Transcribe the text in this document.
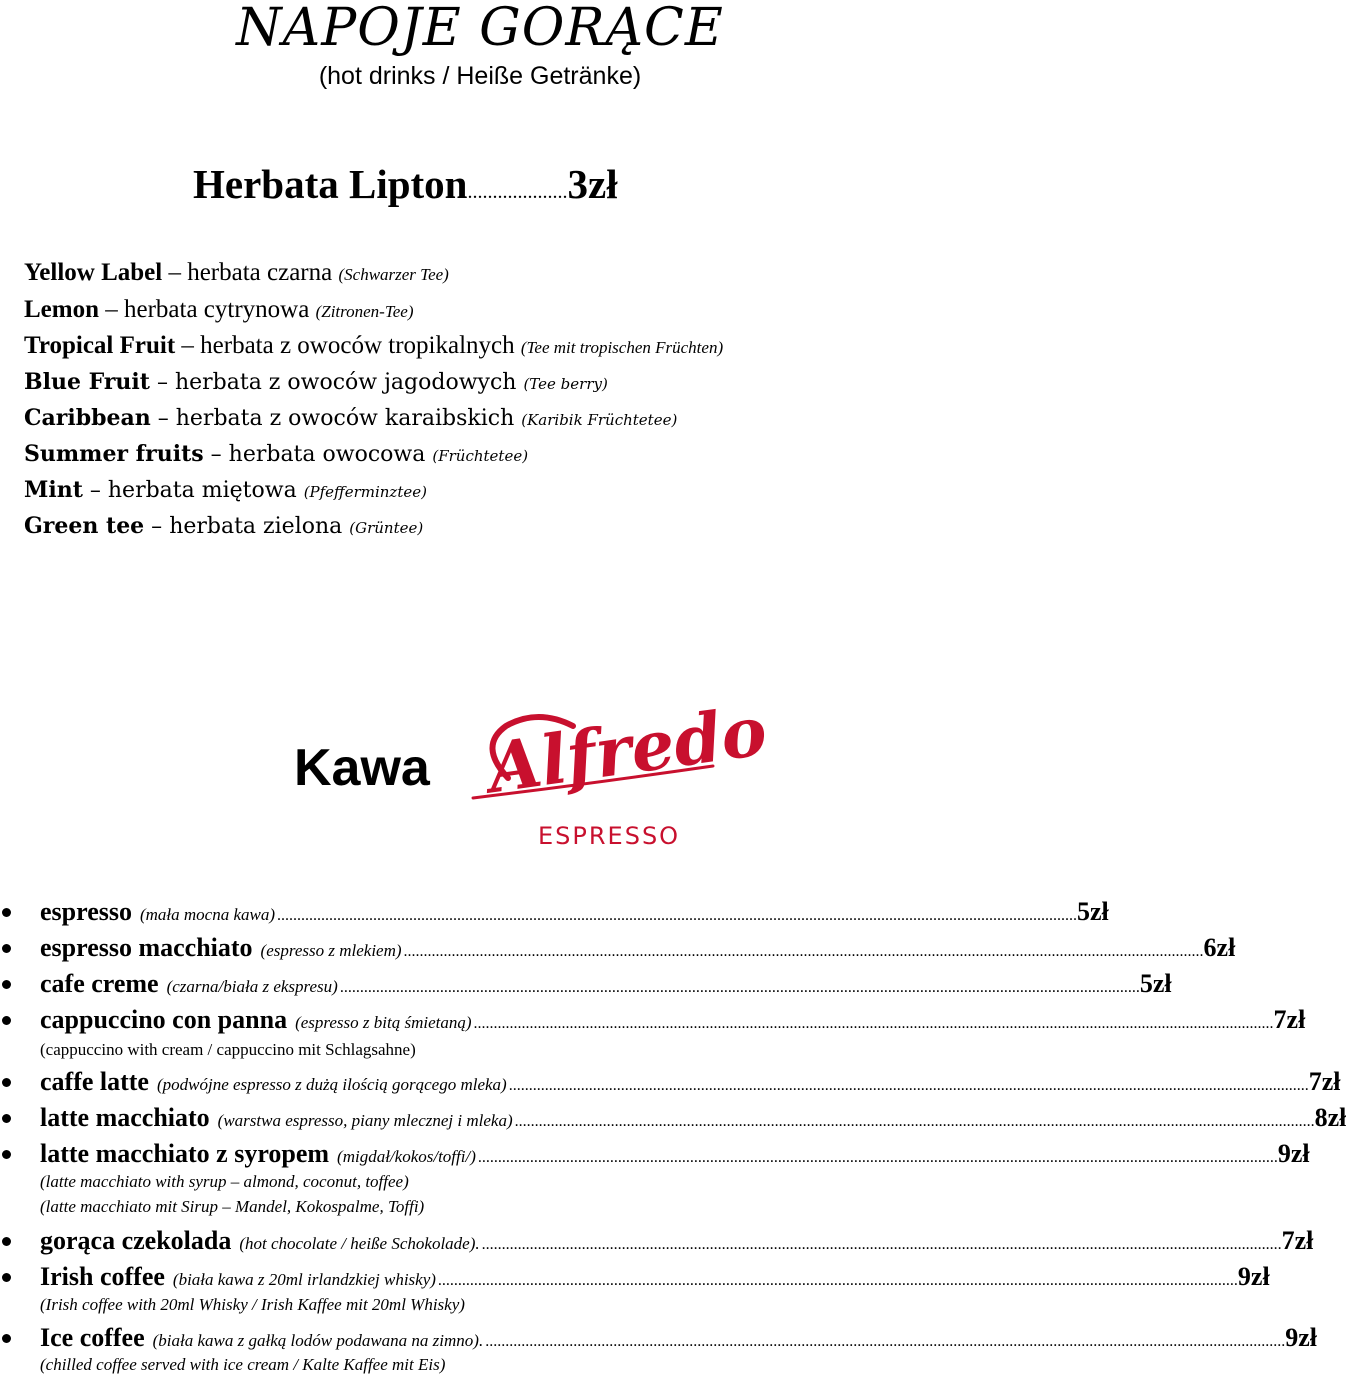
NAPOJE GORĄCE
(hot drinks / Heiße Getränke)
Herbata Lipton....................3zł
Yellow Label – herbata czarna (Schwarzer Tee)
Lemon – herbata cytrynowa (Zitronen-Tee)
Tropical Fruit – herbata z owoców tropikalnych (Tee mit tropischen Früchten)
Blue Fruit – herbata z owoców jagodowych (Tee berry)
Caribbean – herbata z owoców karaibskich (Karibik Früchtetee)
Summer fruits – herbata owocowa (Früchtetee)
Mint – herbata miętowa (Pfefferminztee)
Green tee – herbata zielona (Grüntee)
Kawa Alfredo
ESPRESSO
espresso (mała mocna kawa) .....	5zł
espresso macchiato (espresso z mlekiem) .....	6zł
cafe creme (czarna/biała z ekspresu) .....	5zł
cappuccino con panna (espresso z bitą śmietaną) .....	7zł
(cappuccino with cream / cappuccino mit Schlagsahne)
caffe latte (podwójne espresso z dużą ilością gorącego mleka) .....	7zł
latte macchiato (warstwa espresso, piany mlecznej i mleka) .....	8zł
latte macchiato z syropem (migdał/kokos/toffi/) .....	9zł
(latte macchiato with syrup – almond, coconut, toffee)
(latte macchiato mit Sirup – Mandel, Kokospalme, Toffi)
gorąca czekolada (hot chocolate / heiße Schokolade). .....	7zł
Irish coffee (biała kawa z 20ml irlandzkiej whisky) .....	9zł
(Irish coffee with 20ml Whisky / Irish Kaffee mit 20ml Whisky)
Ice coffee (biała kawa z gałką lodów podawana na zimno). .....	9zł
(chilled coffee served with ice cream / Kalte Kaffee mit Eis)
